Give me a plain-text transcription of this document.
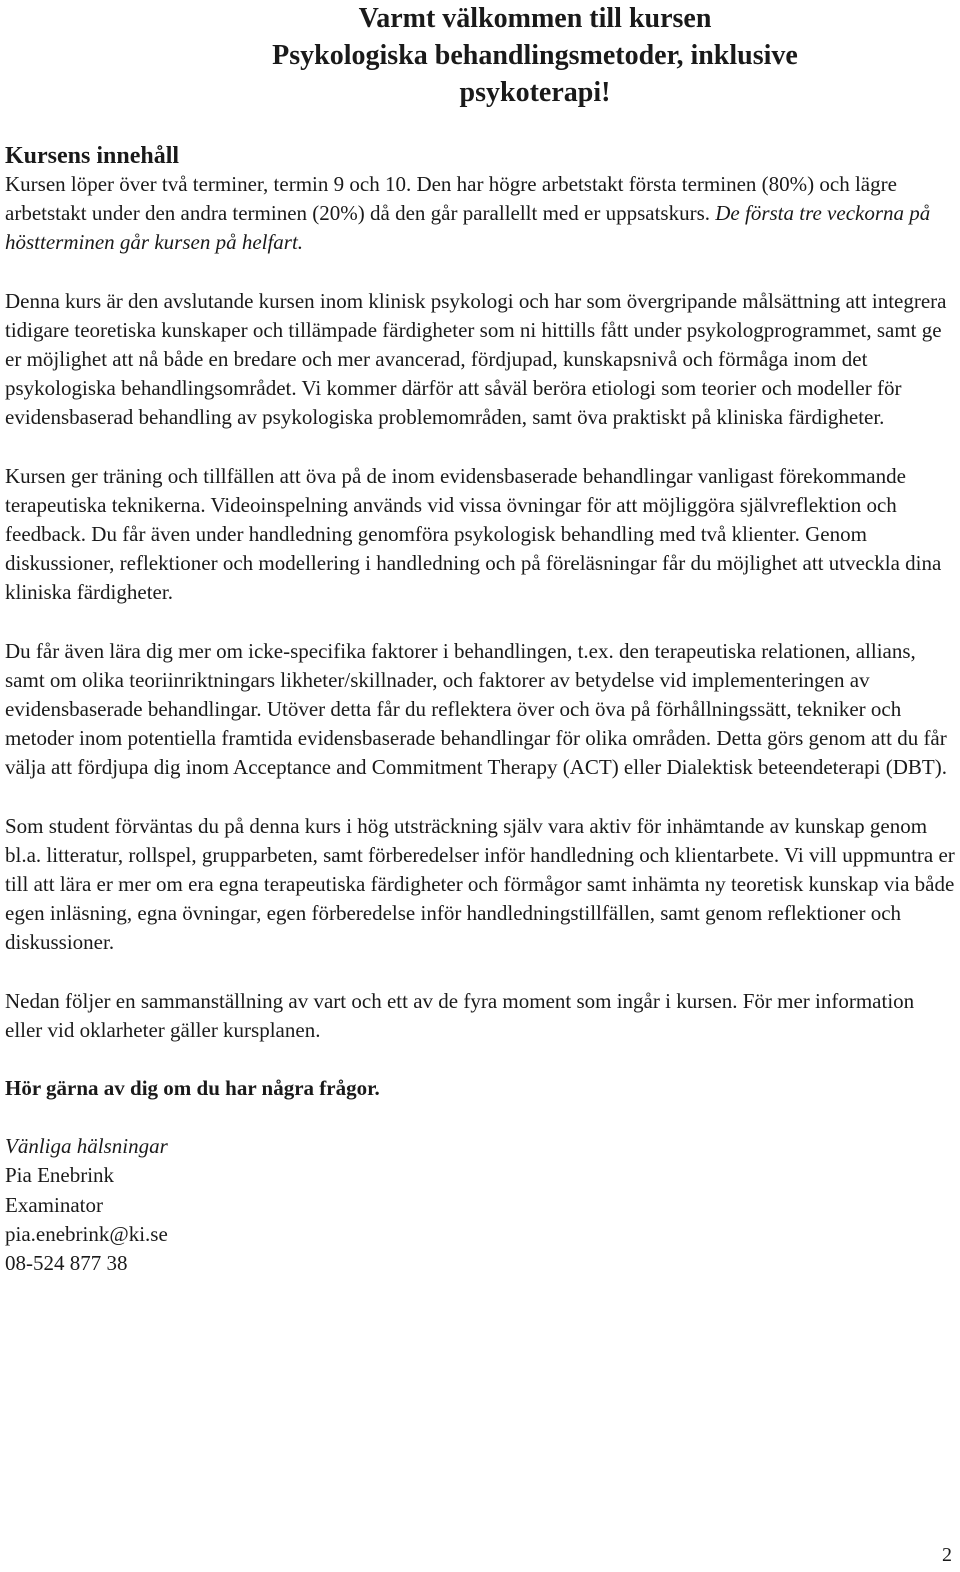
Varmt välkommen till kursen
Psykologiska behandlingsmetoder, inklusive
psykoterapi!
Kursens innehåll

Kursen löper över två terminer, termin 9 och 10. Den har högre arbetstakt första terminen (80%) och lägre arbetstakt under den andra terminen (20%) då den går parallellt med er uppsatskurs. De första tre veckorna på höstterminen går kursen på helfart.

Denna kurs är den avslutande kursen inom klinisk psykologi och har som övergripande målsättning att integrera tidigare teoretiska kunskaper och tillämpade färdigheter som ni hittills fått under psykologprogrammet, samt ge er möjlighet att nå både en bredare och mer avancerad, fördjupad, kunskapsnivå och förmåga inom det psykologiska behandlingsområdet. Vi kommer därför att såväl beröra etiologi som teorier och modeller för evidensbaserad behandling av psykologiska problemområden, samt öva praktiskt på kliniska färdigheter.

Kursen ger träning och tillfällen att öva på de inom evidensbaserade behandlingar vanligast förekommande terapeutiska teknikerna. Videoinspelning används vid vissa övningar för att möjliggöra självreflektion och feedback. Du får även under handledning genomföra psykologisk behandling med två klienter. Genom diskussioner, reflektioner och modellering i handledning och på föreläsningar får du möjlighet att utveckla dina kliniska färdigheter.

Du får även lära dig mer om icke-specifika faktorer i behandlingen, t.ex. den terapeutiska relationen, allians, samt om olika teoriinriktningars likheter/skillnader, och faktorer av betydelse vid implementeringen av evidensbaserade behandlingar. Utöver detta får du reflektera över och öva på förhållningssätt, tekniker och metoder inom potentiella framtida evidensbaserade behandlingar för olika områden. Detta görs genom att du får välja att fördjupa dig inom Acceptance and Commitment Therapy (ACT) eller Dialektisk beteendeterapi (DBT).

Som student förväntas du på denna kurs i hög utsträckning själv vara aktiv för inhämtande av kunskap genom bl.a. litteratur, rollspel, grupparbeten, samt förberedelser inför handledning och klientarbete. Vi vill uppmuntra er till att lära er mer om era egna terapeutiska färdigheter och förmågor samt inhämta ny teoretisk kunskap via både egen inläsning, egna övningar, egen förberedelse inför handledningstillfällen, samt genom reflektioner och diskussioner.

Nedan följer en sammanställning av vart och ett av de fyra moment som ingår i kursen. För mer information eller vid oklarheter gäller kursplanen.

Hör gärna av dig om du har några frågor.

Vänliga hälsningar
Pia Enebrink
Examinator
pia.enebrink@ki.se
08-524 877 38
2
